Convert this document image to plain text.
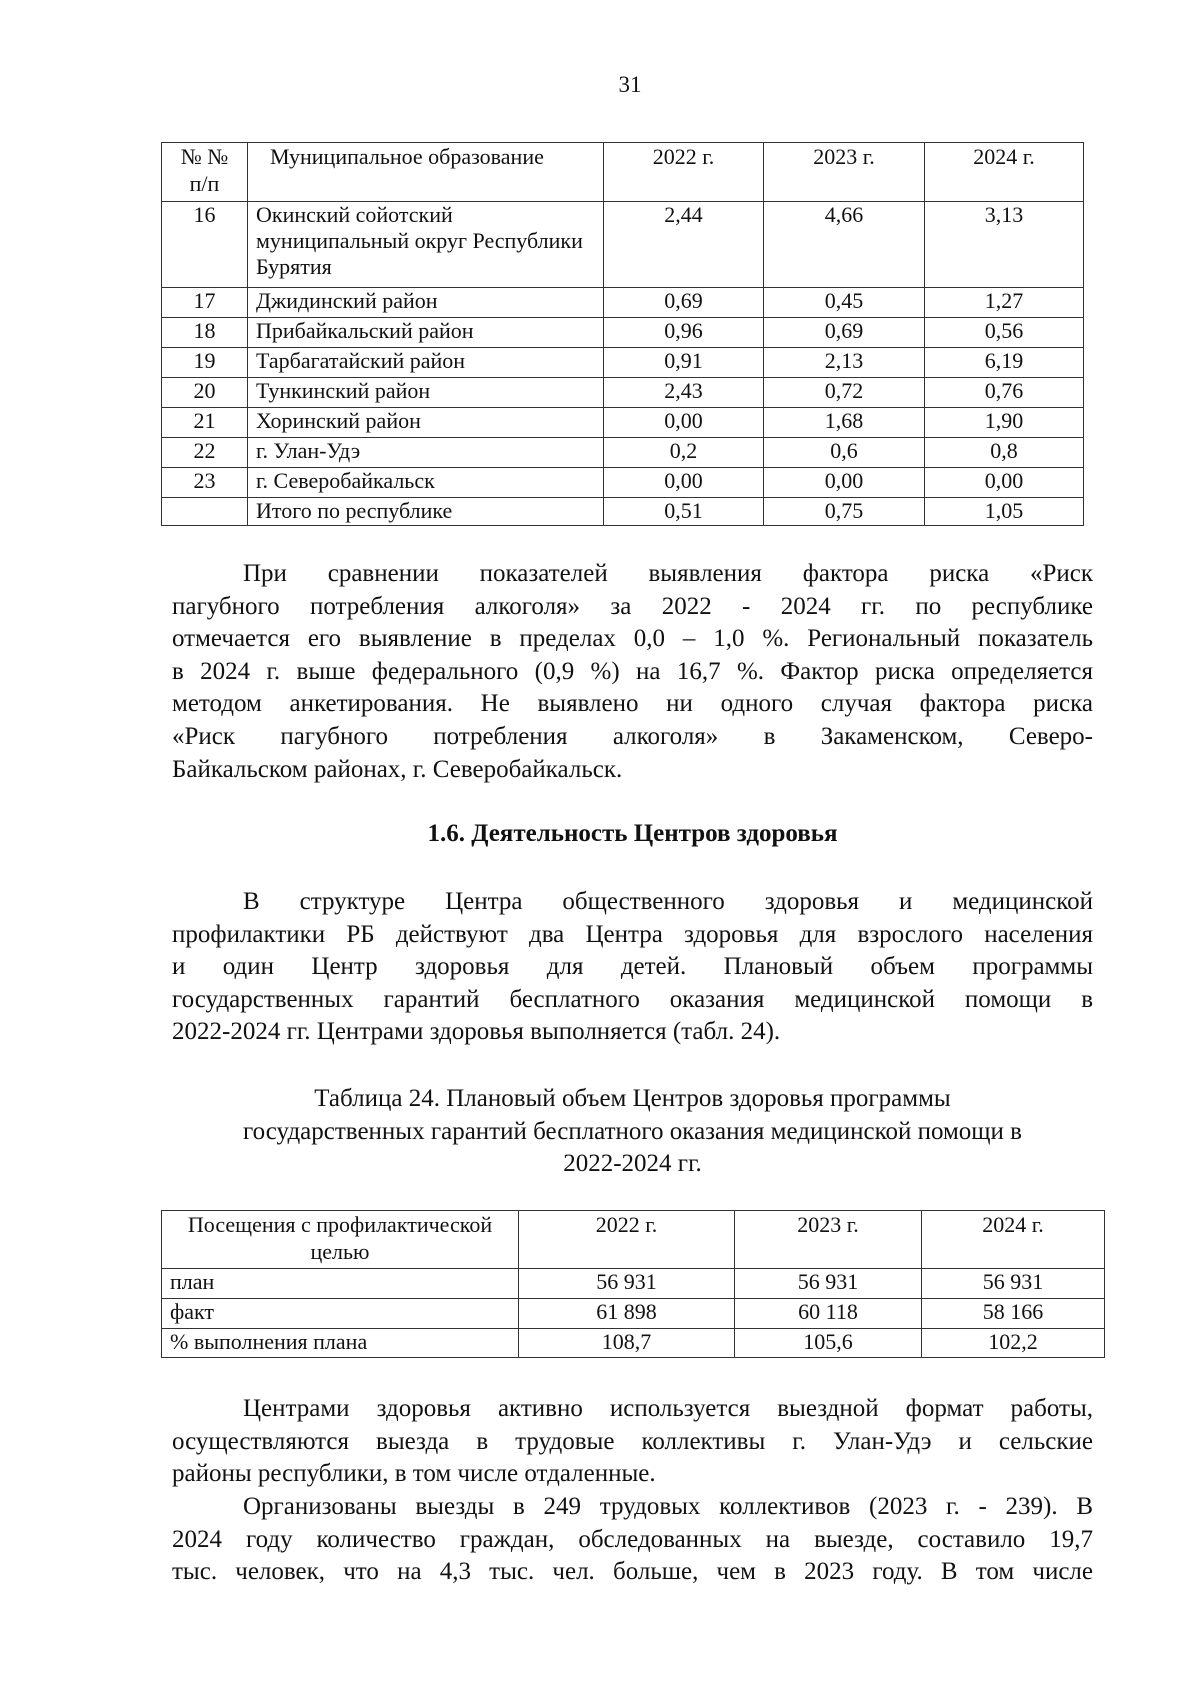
31
№ №
п/п	Муниципальное образование	2022 г.	2023 г.	2024 г.
16	Окинский сойотский муниципальный округ Республики Бурятия	2,44	4,66	3,13
17	Джидинский район	0,69	0,45	1,27
18	Прибайкальский район	0,96	0,69	0,56
19	Тарбагатайский район	0,91	2,13	6,19
20	Тункинский район	2,43	0,72	0,76
21	Хоринский район	0,00	1,68	1,90
22	г. Улан-Удэ	0,2	0,6	0,8
23	г. Северобайкальск	0,00	0,00	0,00
	Итого по республике	0,51	0,75	1,05
При сравнении показателей выявления фактора риска «Риск
пагубного потребления алкоголя» за 2022 - 2024 гг. по республике
отмечается его выявление в пределах 0,0 – 1,0 %. Региональный показатель
в 2024 г. выше федерального (0,9 %) на 16,7 %. Фактор риска определяется
методом анкетирования. Не выявлено ни одного случая фактора риска
«Риск пагубного потребления алкоголя» в Закаменском, Северо-
Байкальском районах, г. Северобайкальск.
1.6. Деятельность Центров здоровья
В структуре Центра общественного здоровья и медицинской
профилактики РБ действуют два Центра здоровья для взрослого населения
и один Центр здоровья для детей. Плановый объем программы
государственных гарантий бесплатного оказания медицинской помощи в
2022-2024 гг. Центрами здоровья выполняется (табл. 24).
Таблица 24. Плановый объем Центров здоровья программы
государственных гарантий бесплатного оказания медицинской помощи в
2022-2024 гг.
Посещения с профилактической целью	2022 г.	2023 г.	2024 г.
план	56 931	56 931	56 931
факт	61 898	60 118	58 166
% выполнения плана	108,7	105,6	102,2
Центрами здоровья активно используется выездной формат работы,
осуществляются выезда в трудовые коллективы г. Улан-Удэ и сельские
районы республики, в том числе отдаленные.
Организованы выезды в 249 трудовых коллективов (2023 г. - 239). В
2024 году количество граждан, обследованных на выезде, составило 19,7
тыс. человек, что на 4,3 тыс. чел. больше, чем в 2023 году. В том числе
